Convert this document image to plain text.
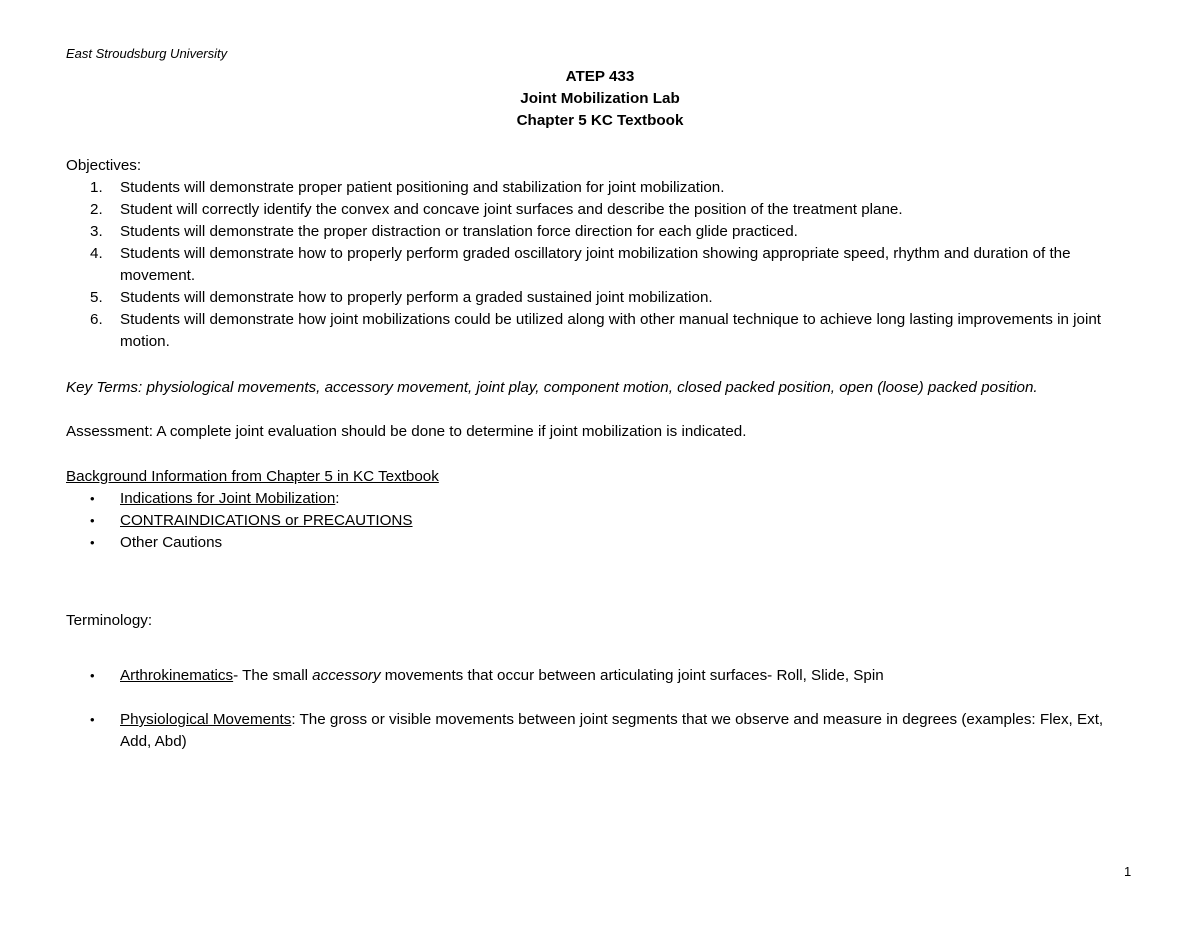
East Stroudsburg University
ATEP 433
Joint Mobilization Lab
Chapter 5 KC Textbook
Objectives:
1. Students will demonstrate proper patient positioning and stabilization for joint mobilization.
2. Student will correctly identify the convex and concave joint surfaces and describe the position of the treatment plane.
3. Students will demonstrate the proper distraction or translation force direction for each glide practiced.
4. Students will demonstrate how to properly perform graded oscillatory joint mobilization showing appropriate speed, rhythm and duration of the movement.
5. Students will demonstrate how to properly perform a graded sustained joint mobilization.
6. Students will demonstrate how joint mobilizations could be utilized along with other manual technique to achieve long lasting improvements in joint motion.
Key Terms: physiological movements, accessory movement, joint play, component motion, closed packed position, open (loose) packed position.
Assessment: A complete joint evaluation should be done to determine if joint mobilization is indicated.
Background Information from Chapter 5 in KC Textbook
• Indications for Joint Mobilization:
• CONTRAINDICATIONS or PRECAUTIONS
• Other Cautions
Terminology:
• Arthrokinematics- The small accessory movements that occur between articulating joint surfaces- Roll, Slide, Spin
• Physiological Movements: The gross or visible movements between joint segments that we observe and measure in degrees (examples: Flex, Ext, Add, Abd)
1
